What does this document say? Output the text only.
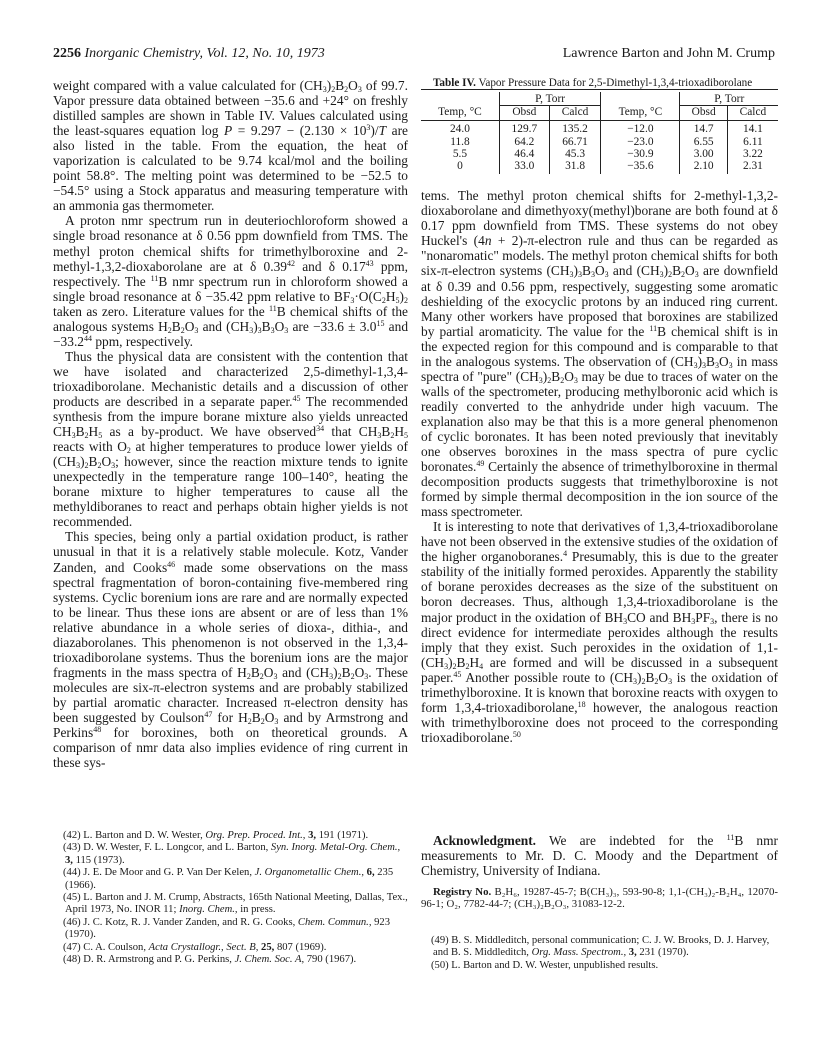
2256 Inorganic Chemistry, Vol. 12, No. 10, 1973	Lawrence Barton and John M. Crump

weight compared with a value calculated for $(CH_3)_2B_2O_3$ of 99.7. Vapor pressure data obtained between −35.6 and +24° on freshly distilled samples are shown in Table IV. Values calculated using the least-squares equation $\log P = 9.297 - (2.130 \times 10^3)/T$ are also listed in the table. From the equation, the heat of vaporization is calculated to be 9.74 kcal/mol and the boiling point 58.8°. The melting point was determined to be −52.5 to −54.5° using a Stock apparatus and measuring temperature with an ammonia gas thermometer.

A proton nmr spectrum run in deuteriochloroform showed a single broad resonance at δ 0.56 ppm downfield from TMS. The methyl proton chemical shifts for trimethylboroxine and 2-methyl-1,3,2-dioxaborolane are at δ 0.39$^{42}$ and δ 0.17$^{43}$ ppm, respectively. The $^{11}$B nmr spectrum run in chloroform showed a single broad resonance at δ −35.42 ppm relative to $BF_3\cdot O(C_2H_5)_2$ taken as zero. Literature values for the $^{11}$B chemical shifts of the analogous systems $H_2B_2O_3$ and $(CH_3)_3B_3O_3$ are $-33.6 \pm 3.0^{15}$ and $-33.2^{44}$ ppm, respectively.

Thus the physical data are consistent with the contention that we have isolated and characterized 2,5-dimethyl-1,3,4-trioxadiborolane. Mechanistic details and a discussion of other products are described in a separate paper.$^{45}$ The recommended synthesis from the impure borane mixture also yields unreacted $CH_3B_2H_5$ as a by-product. We have observed$^{34}$ that $CH_3B_2H_5$ reacts with $O_2$ at higher temperatures to produce lower yields of $(CH_3)_2B_2O_3$; however, since the reaction mixture tends to ignite unexpectedly in the temperature range 100–140°, heating the borane mixture to higher temperatures to cause all the methyldiboranes to react and perhaps obtain higher yields is not recommended.

This species, being only a partial oxidation product, is rather unusual in that it is a relatively stable molecule. Kotz, Vander Zanden, and Cooks$^{46}$ made some observations on the mass spectral fragmentation of boron-containing five-membered ring systems. Cyclic borenium ions are rare and are normally expected to be linear. Thus these ions are absent or are of less than 1% relative abundance in a whole series of dioxa-, dithia-, and diazaborolanes. This phenomenon is not observed in the 1,3,4-trioxadiborolane systems. Thus the borenium ions are the major fragments in the mass spectra of $H_2B_2O_3$ and $(CH_3)_2B_2O_3$. These molecules are six-π-electron systems and are probably stabilized by partial aromatic character. Increased π-electron density has been suggested by Coulson$^{47}$ for $H_2B_2O_3$ and by Armstrong and Perkins$^{48}$ for boroxines, both on theoretical grounds. A comparison of nmr data also implies evidence of ring current in these sys-

(42) L. Barton and D. W. Wester, Org. Prep. Proced. Int., 3, 191 (1971).

(43) D. W. Wester, F. L. Longcor, and L. Barton, Syn. Inorg. Metal-Org. Chem., 3, 115 (1973).

(44) J. E. De Moor and G. P. Van Der Kelen, J. Organometallic Chem., 6, 235 (1966).

(45) L. Barton and J. M. Crump, Abstracts, 165th National Meeting, Dallas, Tex., April 1973, No. INOR 11; Inorg. Chem., in press.

(46) J. C. Kotz, R. J. Vander Zanden, and R. G. Cooks, Chem. Commun., 923 (1970).

(47) C. A. Coulson, Acta Crystallogr., Sect. B, 25, 807 (1969).

(48) D. R. Armstrong and P. G. Perkins, J. Chem. Soc. A, 790 (1967).

Table IV. Vapor Pressure Data for 2,5-Dimethyl-1,3,4-trioxadiborolane

	P, Torr			P, Torr	
Temp, °C	Obsd	Calcd	Temp, °C	Obsd	Calcd
24.0	129.7	135.2	−12.0	14.7	14.1
11.8	64.2	66.71	−23.0	6.55	6.11
5.5	46.4	45.3	−30.9	3.00	3.22
0	33.0	31.8	−35.6	2.10	2.31

tems. The methyl proton chemical shifts for 2-methyl-1,3,2-dioxaborolane and dimethyoxy(methyl)borane are both found at δ 0.17 ppm downfield from TMS. These systems do not obey Huckel's (4n + 2)-π-electron rule and thus can be regarded as "nonaromatic" models. The methyl proton chemical shifts for both six-π-electron systems $(CH_3)_3B_3O_3$ and $(CH_3)_2B_2O_3$ are downfield at δ 0.39 and 0.56 ppm, respectively, suggesting some aromatic deshielding of the exocyclic protons by an induced ring current. Many other workers have proposed that boroxines are stabilized by partial aromaticity. The value for the $^{11}$B chemical shift is in the expected region for this compound and is comparable to that in the analogous systems. The observation of $(CH_3)_3B_3O_3$ in mass spectra of "pure" $(CH_3)_2B_2O_3$ may be due to traces of water on the walls of the spectrometer, producing methylboronic acid which is readily converted to the anhydride under high vacuum. The explanation also may be that this is a more general phenomenon of cyclic boronates. It has been noted previously that inevitably one observes boroxines in the mass spectra of pure cyclic boronates.$^{49}$ Certainly the absence of trimethylboroxine in thermal decomposition products suggests that trimethylboroxine is not formed by simple thermal decomposition in the ion source of the mass spectrometer.

It is interesting to note that derivatives of 1,3,4-trioxadiborolane have not been observed in the extensive studies of the oxidation of the higher organoboranes.$^4$ Presumably, this is due to the greater stability of the initially formed peroxides. Apparently the stability of borane peroxides decreases as the size of the substituent on boron decreases. Thus, although 1,3,4-trioxadiborolane is the major product in the oxidation of $BH_3CO$ and $BH_3PF_3$, there is no direct evidence for intermediate peroxides although the results imply that they exist. Such peroxides in the oxidation of $1,1-(CH_3)_2B_2H_4$ are formed and will be discussed in a subsequent paper.$^{45}$ Another possible route to $(CH_3)_2B_2O_3$ is the oxidation of trimethylboroxine. It is known that boroxine reacts with oxygen to form 1,3,4-trioxadiborolane,$^{18}$ however, the analogous reaction with trimethylboroxine does not proceed to the corresponding trioxadiborolane.$^{50}$

Acknowledgment. We are indebted for the $^{11}$B nmr measurements to Mr. D. C. Moody and the Department of Chemistry, University of Indiana.

Registry No. B₂H₆, 19287-45-7; B(CH₃)₃, 593-90-8; 1,1-(CH₃)₂-B₂H₄, 12070-96-1; O₂, 7782-44-7; (CH₃)₂B₂O₃, 31083-12-2.

(49) B. S. Middleditch, personal communication; C. J. W. Brooks, D. J. Harvey, and B. S. Middleditch, Org. Mass. Spectrom., 3, 231 (1970).

(50) L. Barton and D. W. Wester, unpublished results.
